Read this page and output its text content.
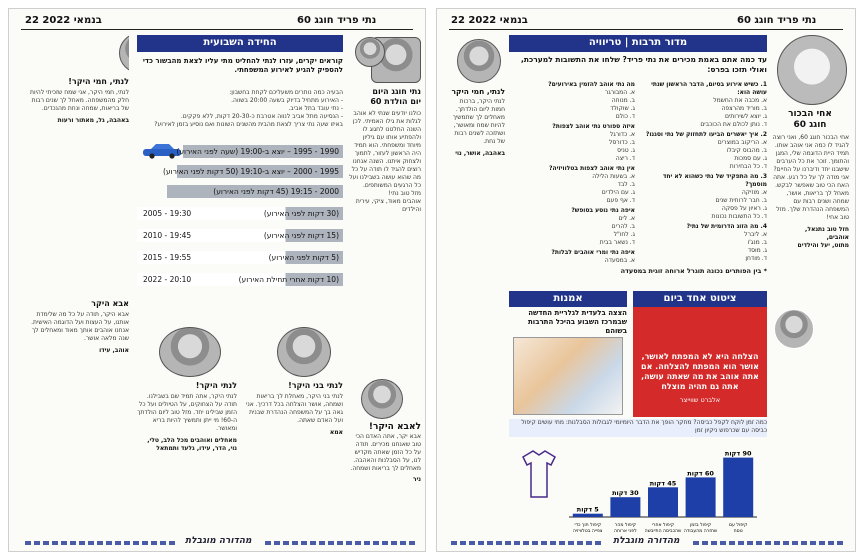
22 בנמאי 2022	נתי פריד חוגג 60
נתי חוגג היום
יום הולדת 60
כולנו יודעים שנתי לא אוהב לגלות את גילו האמיתי. לכן השנה החלטנו לחגוג לו ולהפתיע אותו עם גיליון מיוחד ומשפחתי. הוא תמיד היה הראשון לעזור, לתמוך ולצחוק איתנו. השנה אנחנו רוצים להגיד לו תודה על כל מה שהוא עושה בשבילנו ועל כל הרגעים המשותפים.
מזל טוב נתי!
אוהבים מאוד, ציקי, עירית והילדים
לאבא היקר!
אבא יקר, אתה האדם הכי טוב שאנחנו מכירים. תודה על כל הזמן שאתה מקדיש לנו, על הסבלנות והאהבה. מאחלים לך בריאות ושמחה.
ניר
החידה השבועית
קוראים יקרים, עזרו לנתי להחליט מתי עליו לצאת מהבשור כדי להספיק להגיע לאירוע המשפחתי.
הבעיה כמה נותרים משעליכם לקחת בחשבון:
- האירוע מתחיל בדיוק בשעה 20:00 בשווה.
- נתי עובד בתל אביב.
- הנסיעה מתל אביב לנווה אטרבת כ-20-30 דקות, ללא פקקים.
באיזו שעה נתי צריך לצאת מהבית מהשנים השונות ואם נוסיע בזמן לאירוע?
1990 - 1995 – יוצא ב-19:00 (שעה לפני האירוע)
1995 - 2000 – יוצא ב-19:10 (50 דקות לפני האירוע)
2000 - 19:15 (45 דקות לפני האירוע)
19:30 - 2005	(30 דקות לפני האירוע)
19:45 - 2010	(15 דקות לפני האירוע)
19:55 - 2015	(5 דקות לפני האירוע)
20:10 - 2022	(10 דקות אחרי תחילת האירוע)
אבא היקר
אבא היקר, תודה על כל מה שלימדת אותנו, על העצות ועל הדוגמה האישית. אנחנו אוהבים אותך מאוד ומאחלים לך שנה מלאה אושר.
אוהב, עידו
לנתי, חמי היקר!
לנתי, חמי היקר, אני שמח שזכיתי להיות חלק מהמשפחה. מאחל לך שנים רבות של בריאות, שמחה ונחת מהנכדים.
באהבה, גל, מאתור ורעות
לנתי בני היקר!
לנתי בני היקר, מאחלת לך בריאות ושמחה, אושר והצלחה בכל דרכיך. אני גאה בך על המשפחה הנהדרת שבנית ועל האדם שאתה.
אמא
לנתי היקר!
לנתי היקר, אתה תמיד שם בשבילנו. תודה על הצחוקים, על הטיולים ועל כל הזמן שבילינו יחד. מזל טוב ליום הולדתך ה-60! מי ייתן ותמשיך להיות בריא ומאושר.
מאחלים ואוהבים מכל הלב, טלי, נוי, הדר, עידו, גלעד ותמתאל
מהדורה מוגבלת
22 בנמאי 2022	נתי פריד חוגג 60
אחי הבכור
חוגג 60
אחי הבכור חוגג 60, ואני רוצה להגיד לו כמה אני אוהב אותו. תמיד היית הדוגמה שלי, המגן והתומך. זוכר את כל הערבים שישבנו יחד ודיברנו על החיים? אני מודה לך על כל רגע. אתה האח הכי טוב שאפשר לבקש. מאחל לך בריאות, אושר, שמחה ושנים רבות עם המשפחה הנהדרת שלך. מזל טוב אחי!
חזל טוב נתנאל,
אוהבים,
מתוט, יעל והילדים
מדור תרבות | טריוויה
עד כמה אתם באמת מכירים את נתי פריד? שלחו את התשובות למערכת, ואולי תזכו בפרס:
1. כשיש אירוע בסיום, הדבר הראשון שנתי עושה הוא:
א. מכבה את החשמל
ב. מוריד מהרצפה
ג. יוצא לשירותים
ד. נותן לכולם את הכוכבים
2. איך יאשרים הביעו לתחזוק של נתי וסגנו?
א. הריקוב במוצרים
ב. מהבוס קיבלו
ג. עם סמכות
ד. כל הבחירות
3. מה התפקיד של נתי כשהוא לא יחד מוסמך?
א. מוזיקה
ב. חבר לרוחית שנים
ג. ראיון על פסקה
ד. כל התשובות נכונות
4. מה הזוג הדרומית של נתי?
א. ליברל
ב. מנג'ו
ג. מוסד
ד. מודחן
מה נתי אוהב להזמין באירועים?
א. המבורגר
ב. מנוחה
ג. שוקולד
ד. כולם
איזה ספורט נתי אוהב לצפות?
א. כדורגל
ב. כדורסל
ג. טניס
ד. ריצה
אין נתי אוהב לצפות בטלוויזיה?
א. בשעות הלילה
ב. לבד
ג. עם הילדים
ד. אף פעם
איפה נתי נוסע בסופש?
א. לים
ב. להרים
ג. לחו"ל
ד. נשאר בבית
איפה נתי ומרי אוהבים לבלות?
א. במסעדה

* בין הפותרים נכונה תוגרל ארוחה זוגית במסעדה
לנתי, חמי היקר
לנתי היקר, ברכות חמות ליום הולדתך. מאחלים לך שתמשיך להיות שמח ומאושר, ושתזכה לשנים רבות של נחת.
באהבה, אושר, נוי
ציטוט אחד ביום
הצלחה היא לא המפתח לאושר, אושר הוא המפתח להצלחה. אם אתה אוהב את מה שאתה עושה, אתה גם תהיה מוצלח
אלברט שווייצר
אמנות
הצצה בלעדית לגלריית החדשה שבמרכז השבוע בהיכל התרבות בשוהם
כמה זמן לוקח לקפל כביסה? מחקר הופך את הדבר היומיומי לגבולות הסבלנות: מתי עושים קיפול כביסה עם שכרפוש ניקיון זמן
5 דקות
קיפול תוך כדי צפייה בטלוויזיה
30 דקות
קיפול מהר לפני ארוחה
45 דקות
קיפול אחרי שהכביסה התייבשה
60 דקות
קיפול בזמן שחזרה מהעבודה
90 דקות
קיפול עם נוסח
מהדורה מוגבלת
